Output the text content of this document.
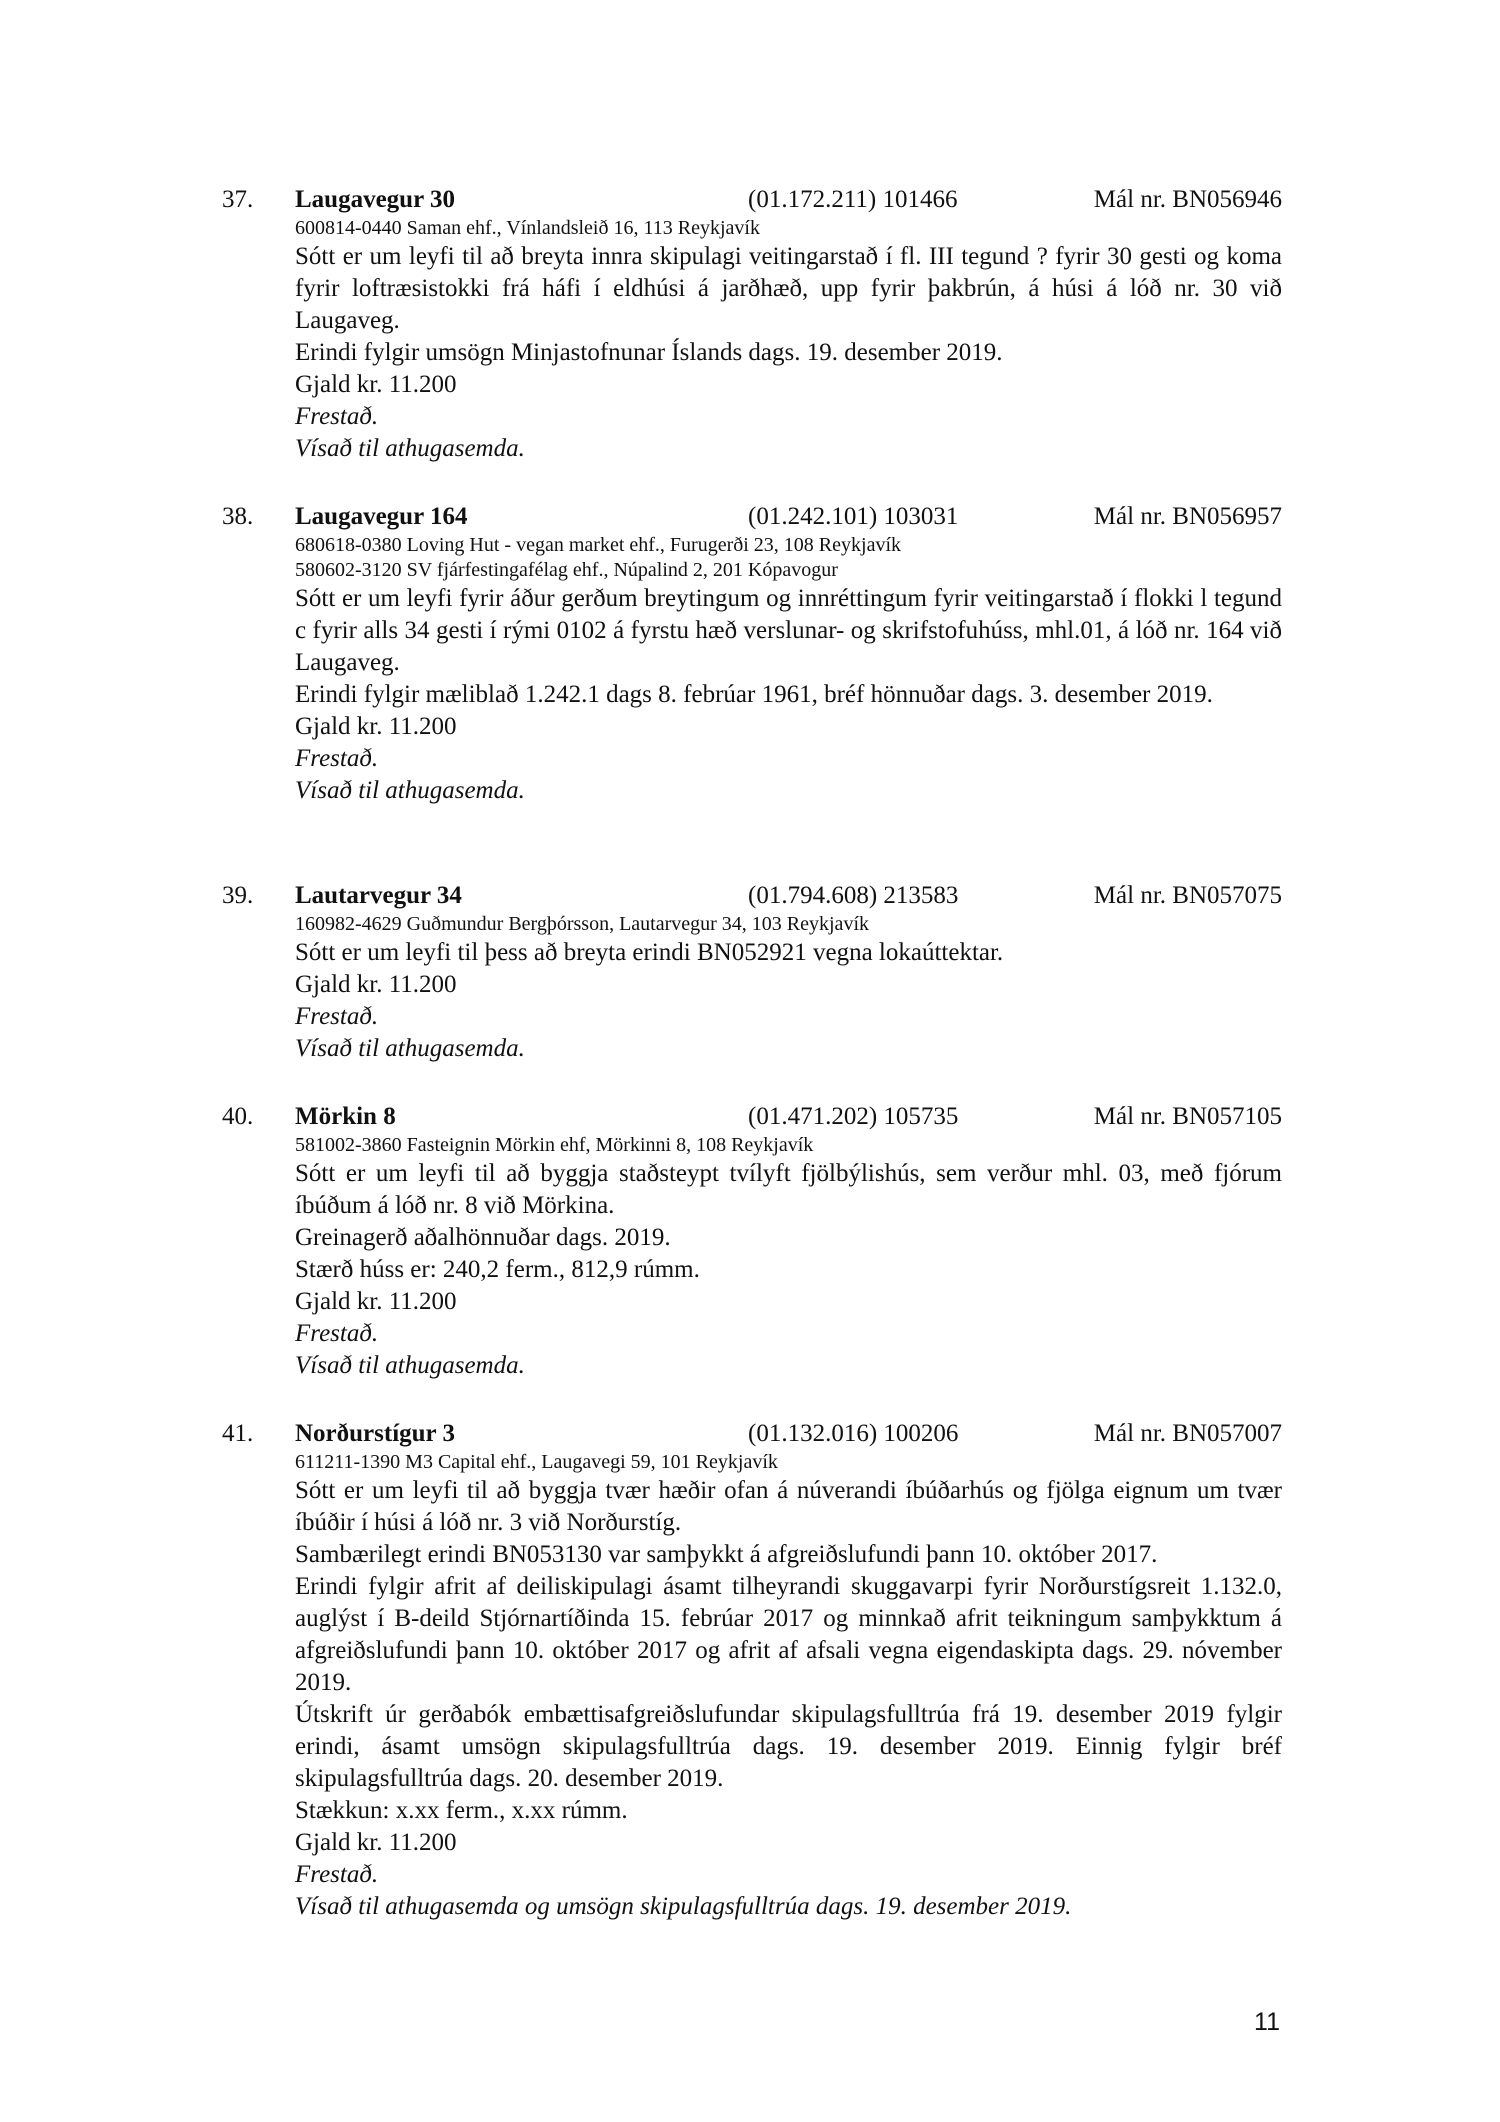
37. Laugavegur 30	(01.172.211) 101466	Mál nr. BN056946
600814-0440 Saman ehf., Vínlandsleið 16, 113 Reykjavík
Sótt er um leyfi til að breyta innra skipulagi veitingarstað í fl. III tegund ? fyrir 30 gesti og koma fyrir loftræsistokki frá háfi í eldhúsi á jarðhæð, upp fyrir þakbrún, á húsi á lóð nr. 30 við Laugaveg.
Erindi fylgir umsögn Minjastofnunar Íslands dags. 19. desember 2019.
Gjald kr. 11.200
Frestað.
Vísað til athugasemda.
38. Laugavegur 164	(01.242.101) 103031	Mál nr. BN056957
680618-0380 Loving Hut - vegan market ehf., Furugerði 23, 108 Reykjavík
580602-3120 SV fjárfestingafélag ehf., Núpalind 2, 201 Kópavogur
Sótt er um leyfi fyrir áður gerðum breytingum og innréttingum fyrir veitingarstað í flokki l tegund c fyrir alls 34 gesti í rými 0102 á fyrstu hæð verslunar- og skrifstofuhúss, mhl.01, á lóð nr. 164 við Laugaveg.
Erindi fylgir mæliblað 1.242.1 dags 8. febrúar 1961, bréf hönnuðar dags. 3. desember 2019.
Gjald kr. 11.200
Frestað.
Vísað til athugasemda.
39. Lautarvegur 34	(01.794.608) 213583	Mál nr. BN057075
160982-4629 Guðmundur Bergþórsson, Lautarvegur 34, 103 Reykjavík
Sótt er um leyfi til þess að breyta erindi BN052921 vegna lokaúttektar.
Gjald kr. 11.200
Frestað.
Vísað til athugasemda.
40. Mörkin 8	(01.471.202) 105735	Mál nr. BN057105
581002-3860 Fasteignin Mörkin ehf, Mörkinni 8, 108 Reykjavík
Sótt er um leyfi til að byggja staðsteypt tvílyft fjölbýlishús, sem verður mhl. 03, með fjórum íbúðum á lóð nr. 8 við Mörkina.
Greinagerð aðalhönnuðar dags. 2019.
Stærð húss er: 240,2 ferm., 812,9 rúmm.
Gjald kr. 11.200
Frestað.
Vísað til athugasemda.
41. Norðurstígur 3	(01.132.016) 100206	Mál nr. BN057007
611211-1390 M3 Capital ehf., Laugavegi 59, 101 Reykjavík
Sótt er um leyfi til að byggja tvær hæðir ofan á núverandi íbúðarhús og fjölga eignum um tvær íbúðir í húsi á lóð nr. 3 við Norðurstíg.
Sambærilegt erindi BN053130 var samþykkt á afgreiðslufundi þann 10. október 2017.
Erindi fylgir afrit af deiliskipulagi ásamt tilheyrandi skuggavarpi fyrir Norðurstígsreit 1.132.0, auglýst í B-deild Stjórnartíðinda 15. febrúar 2017 og minnkað afrit teikningum samþykktum á afgreiðslufundi þann 10. október 2017 og afrit af afsali vegna eigendaskipta dags. 29. nóvember 2019.
Útskrift úr gerðabók embættisafgreiðslufundar skipulagsfulltrúa frá 19. desember 2019 fylgir erindi, ásamt umsögn skipulagsfulltrúa dags. 19. desember 2019. Einnig fylgir bréf skipulagsfulltrúa dags. 20. desember 2019.
Stækkun: x.xx ferm., x.xx rúmm.
Gjald kr. 11.200
Frestað.
Vísað til athugasemda og umsögn skipulagsfulltrúa dags. 19. desember 2019.
11
